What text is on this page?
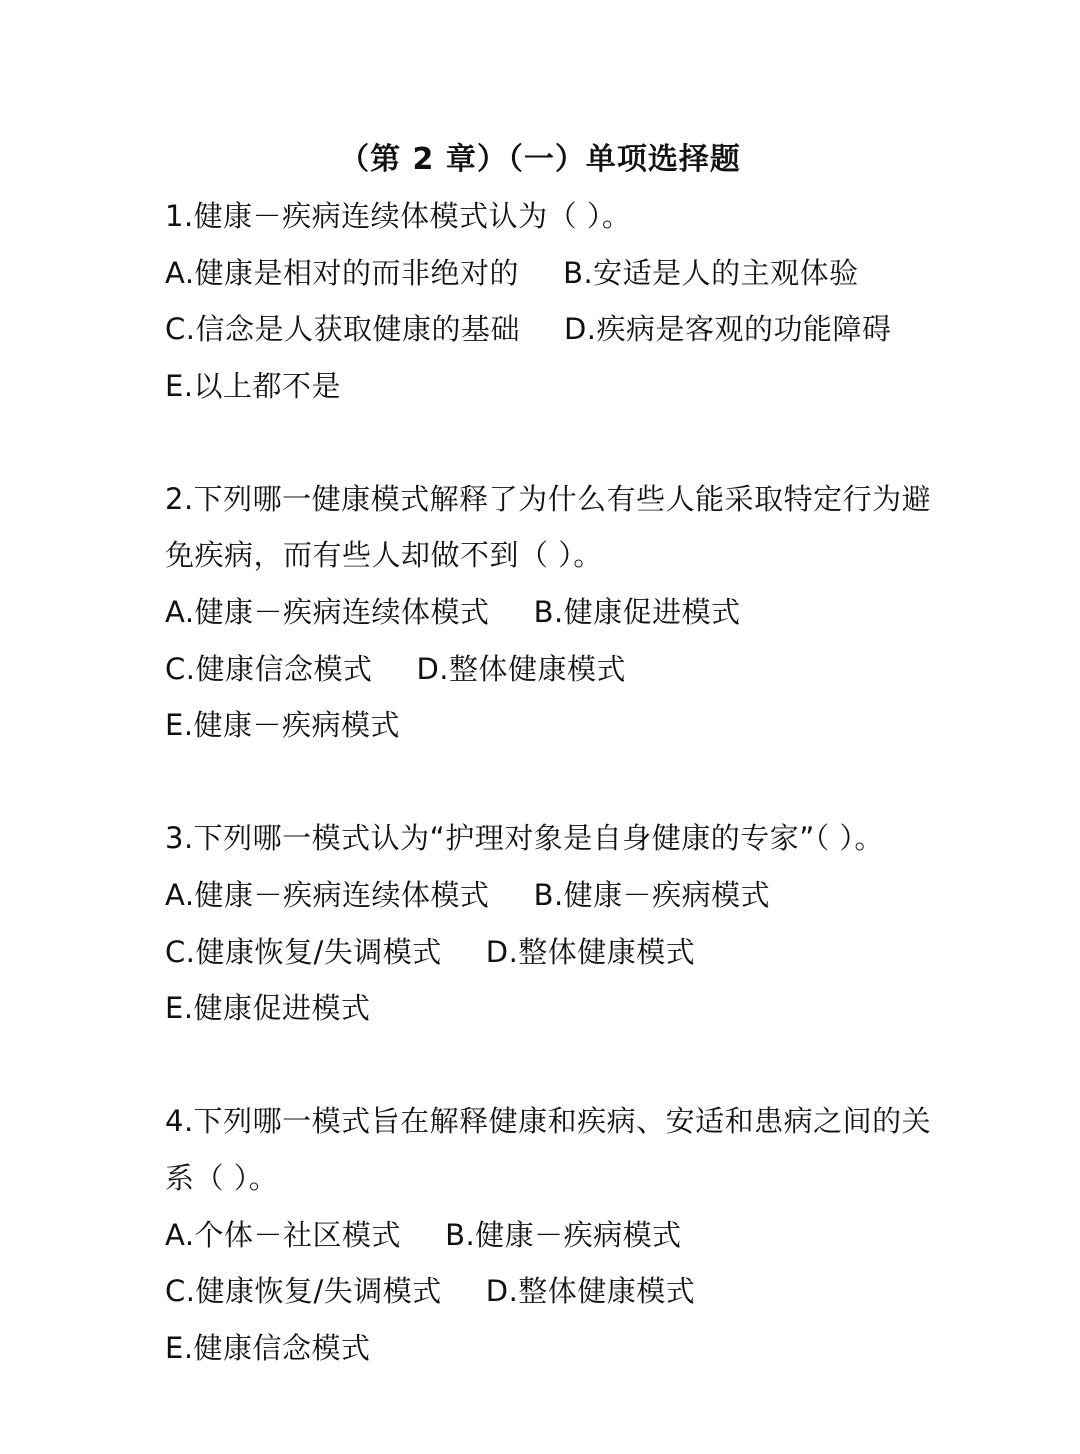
（第 2 章）（一）单项选择题
1.健康－疾病连续体模式认为（ ）。
A.健康是相对的而非绝对的 B.安适是人的主观体验
C.信念是人获取健康的基础 D.疾病是客观的功能障碍
E.以上都不是
2.下列哪一健康模式解释了为什么有些人能采取特定行为避
免疾病，而有些人却做不到（ ）。
A.健康－疾病连续体模式 B.健康促进模式
C.健康信念模式 D.整体健康模式
E.健康－疾病模式
3.下列哪一模式认为“护理对象是自身健康的专家”（ ）。
A.健康－疾病连续体模式 B.健康－疾病模式
C.健康恢复/失调模式 D.整体健康模式
E.健康促进模式
4.下列哪一模式旨在解释健康和疾病、安适和患病之间的关
系（ ）。
A.个体－社区模式 B.健康－疾病模式
C.健康恢复/失调模式 D.整体健康模式
E.健康信念模式
